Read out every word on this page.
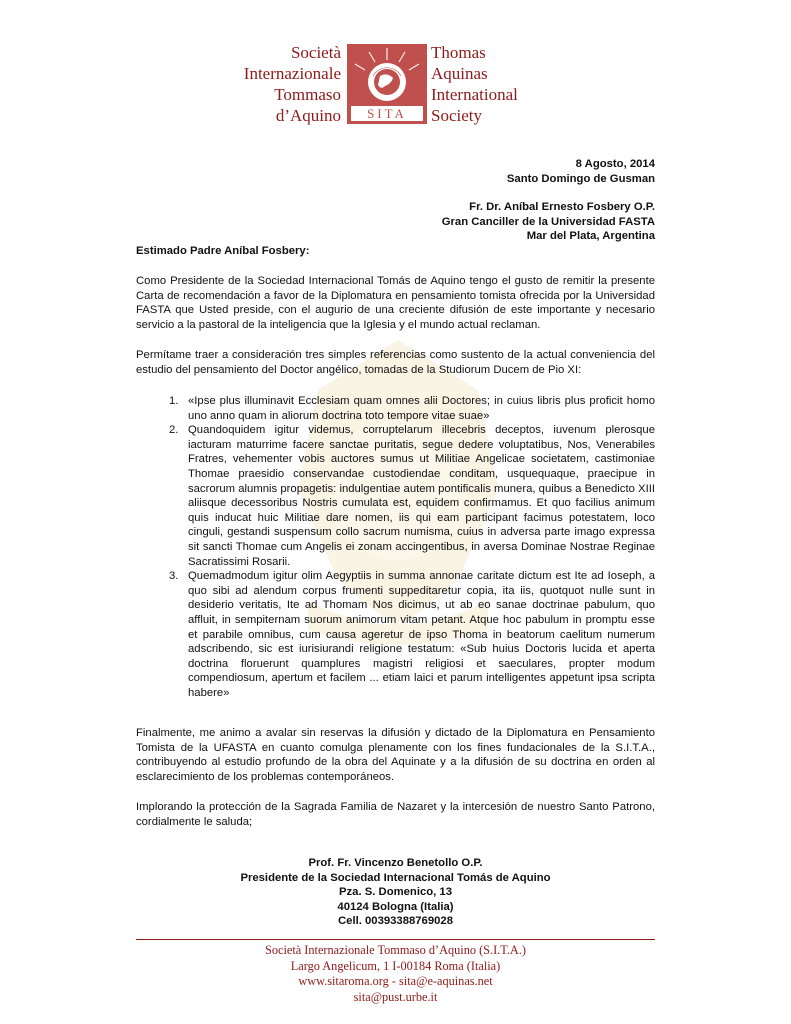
Società
Internazionale
Tommaso
d’Aquino SITA
Thomas
Aquinas
International
Society
8 Agosto, 2014
Santo Domingo de Gusman
Fr. Dr. Aníbal Ernesto Fosbery O.P.
Gran Canciller de la Universidad FASTA
Mar del Plata, Argentina
Estimado Padre Aníbal Fosbery:
Como Presidente de la Sociedad Internacional Tomás de Aquino tengo el gusto de remitir la presente Carta de recomendación a favor de la Diplomatura en pensamiento tomista ofrecida por la Universidad FASTA que Usted preside, con el augurio de una creciente difusión de este importante y necesario servicio a la pastoral de la inteligencia que la Iglesia y el mundo actual reclaman.
Permítame traer a consideración tres simples referencias como sustento de la actual conveniencia del estudio del pensamiento del Doctor angélico, tomadas de la Studiorum Ducem de Pio XI:
1. «Ipse plus illuminavit Ecclesiam quam omnes alii Doctores; in cuius libris plus proficit homo uno anno quam in aliorum doctrina toto tempore vitae suae»
2. Quandoquidem igitur videmus, corruptelarum illecebris deceptos, iuvenum plerosque iacturam maturrime facere sanctae puritatis, segue dedere voluptatibus, Nos, Venerabiles Fratres, vehementer vobis auctores sumus ut Militiae Angelicae societatem, castimoniae Thomae praesidio conservandae custodiendae conditam, usquequaque, praecipue in sacrorum alumnis propagetis: indulgentiae autem pontificalis munera, quibus a Benedicto XIII aliisque decessoribus Nostris cumulata est, equidem confirmamus. Et quo facilius animum quis inducat huic Militiae dare nomen, iis qui eam participant facimus potestatem, loco cinguli, gestandi suspensum collo sacrum numisma, cuius in adversa parte imago expressa sit sancti Thomae cum Angelis ei zonam accingentibus, in aversa Dominae Nostrae Reginae Sacratissimi Rosarii.
3. Quemadmodum igitur olim Aegyptiis in summa annonae caritate dictum est Ite ad Ioseph, a quo sibi ad alendum corpus frumenti suppeditaretur copia, ita iis, quotquot nulle sunt in desiderio veritatis, Ite ad Thomam Nos dicimus, ut ab eo sanae doctrinae pabulum, quo affluit, in sempiternam suorum animorum vitam petant. Atque hoc pabulum in promptu esse et parabile omnibus, cum causa ageretur de ipso Thoma in beatorum caelitum numerum adscribendo, sic est iurisiurandi religione testatum: «Sub huius Doctoris lucida et aperta doctrina floruerunt quamplures magistri religiosi et saeculares, propter modum compendiosum, apertum et facilem ... etiam laici et parum intelligentes appetunt ipsa scripta habere»
Finalmente, me animo a avalar sin reservas la difusión y dictado de la Diplomatura en Pensamiento Tomista de la UFASTA en cuanto comulga plenamente con los fines fundacionales de la S.I.T.A., contribuyendo al estudio profundo de la obra del Aquinate y a la difusión de su doctrina en orden al esclarecimiento de los problemas contemporáneos.
Implorando la protección de la Sagrada Familia de Nazaret y la intercesión de nuestro Santo Patrono, cordialmente le saluda;
Prof. Fr. Vincenzo Benetollo O.P.
Presidente de la Sociedad Internacional Tomás de Aquino
Pza. S. Domenico, 13
40124 Bologna (Italia)
Cell. 00393388769028
Società Internazionale Tommaso d’Aquino (S.I.T.A.)
Largo Angelicum, 1 I-00184 Roma (Italia)
www.sitaroma.org - sita@e-aquinas.net
sita@pust.urbe.it
